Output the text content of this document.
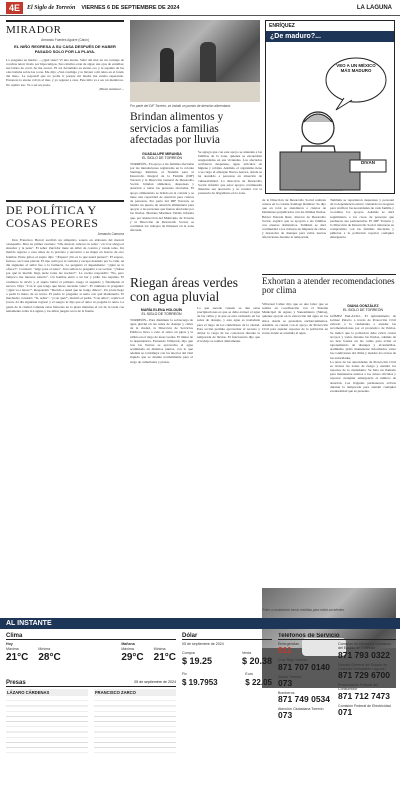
4E	El Siglo de Torreón VIERNES 6 DE SEPTIEMBRE DE 2024	LA LAGUNA
MIRADOR
Armando Fuentes Aguirre (Catón)
EL NIÑO REGRESA A SU CASA DESPUÉS DE HABER PASADO SOLO POR LA PLAYA.
Lo pregunta su madre: —¿Qué viste? Vi una sirena. Salió del mar en un carruaje de conchas nácar tirado por hipocampos. Sus cabellos eran de algas; sus ojos de estrellas; sus labios de coral. Se me acercó. El sol derramaba su eterno oro y la espuma de las olas bailaba sobre las rocas. Me dijo: «Ven conmigo y te llevaré a mi reino en el fondo del mar». Le respondí que no podía ir porque mi madre me estaba esperando. Entonces la sirena volvió al mar, y yo regresé a casa. Este niño va a ser un mentiroso. No repitió eso. Va a ser un poeta.
¡Hasta mañana!…
DE POLÍTICA Y COSAS PEORES
Armando Camorra
Don Francisco Burcal escribió un simpático soneto en alabanza del mezcal oaxaqueño. Dice su primer cuarteto: "Oh, mezcal, sabroso tu sabor / en ti se ahoga el sinsabor y la pena". El señor Zurcidor tiene un taller de costura y vende telas. Un marido regresó a casa antes de lo previsto y encontró a su mujer en brazos de otro hombre. Entre gritos el sujeto dijo: "¡Espere! ¡No es lo que usted piensa!". El esposo, furioso, sacó una pistola. El tipo saltó por la ventana y escapó desnudo por la calle. Al día siguiente el señor fue a la farmacia. Le preguntó el dependiente: "¿Qué se le ofrece?". Contestó: "Algo para el susto". Una señora le preguntó a su vecina: "¿Sabes por qué tu marido llega tarde todas las noches?". La vecina respondió: "No, pero tampoco me interesa saberlo". Un hombre entró a un bar y pidió tres tequilas. El cantinero le sirvió y el sujeto bebió el primero, luego el segundo y finalmente el tercero. Dijo: "Con lo que tengo que hacer, necesito valor". El cantinero le preguntó: "¿Qué va a hacer?". Respondió: "Decirle a usted que no traigo dinero". Un joven llegó a pedir la mano de su novia. El padre le preguntó si tenía con qué mantenerla. El muchacho contestó: "Sí, señor". "¿Con qué?", insistió el padre. "Con amor", replicó el joven. Al día siguiente regresó y el suegro le dijo que el amor no pagaba la renta. La gente de la ciudad comenta estas historias en la plaza mientras el sol de la tarde cae lentamente sobre la Laguna y los niños juegan cerca de la fuente.
Por parte del DIF Torreón, se instaló un puesto de atención alimentaria.
ENRÍQUEZ
¿De maduro?...
VEO A UN MÉXICO MÁS MADURO
DIVÁN
Brindan alimentos y servicios a familias afectadas por lluvia
GUADALUPE MIRANDA
EL SIGLO DE TORREÓN
TORREÓN.- En apoyo a las familias afectadas por las inundaciones registradas en la colonia Santiago Ramírez, el Sistema para el Desarrollo Integral de la Familia (DIF) Torreón y la Dirección General de Desarrollo Social, brindan alimentos, despensas y atención a todas las personas afectadas. El apoyo alimentario se brinda en la colonia y se tiene una capacidad de atención para cientos de personas. Por parte del DIF Torreón, se instaló un puesto de atención alimentaria para apoyar a las personas que fueron afectadas por las lluvias. Mariana Martínez Valdés informó que, por instrucción del Municipio de Torreón y la Dirección de Desarrollo Social, se continúan los trabajos de limpieza en la zona afectada.
Se agregó que con este apoyo se atienden a las familias de la zona, quienes se encuentran resguardadas en sus viviendas. Los afectados recibieron despensas, agua, artículos de higiene y cobijas. Además, el organismo tiene a su cargo el albergue Nueva Aurora, donde se ha atendido a personas en situación de vulnerabilidad. La dirección de Desarrollo Social informó que estos apoyos continuarán mientras sea necesario y se contará con la presencia de brigadistas en la zona.
de la Dirección de Desarrollo Social realizan censos en la colonia Santiago Ramírez. Se dijo que en total se atendieron a cientos de habitantes perjudicados con las últimas lluvias. Héctor Estrada Ruiz, director de Desarrollo Social, explicó que se apoyará a las familias con enseres domésticos. También se dará continuidad a los trabajos de limpieza de calles y desazolve de drenajes para evitar nuevas afectaciones durante la temporada.
También se repartieron despensas y personal de la dependencia estuvo visitando los hogares para verificar las necesidades de cada familia y coordinar los apoyos. Además se dará seguimiento a los casos de personas que perdieron sus pertenencias. El DIF Torreón y la Dirección de Desarrollo Social reiteraron su compromiso con las familias afectadas y pidieron a la población reportar cualquier emergencia.
Riegan áreas verdes con agua pluvial
MARÍA ELENA HOLGUÍN
EL SIGLO DE TORREÓN
TORREÓN.- Para disminuir la sobrecarga de agua pluvial en las redes de drenaje y calles de la ciudad, la Dirección de Servicios Públicos lleva a cabo el retiro en pipas y la utiliza en el riego de áreas verdes. El titular de la dependencia, Fernando Villarreal, dijo que tras las lluvias se aprovecha el agua acumulada en distintos puntos, con lo que además se contribuye con los ahorros del vital líquido que se destina normalmente para el riego de camellones y plazas.
Lo que sucede cuando se dan estas precipitaciones es que se debe extraer el agua de las calles y la que se está vertiendo en las redes de drenaje, y esta agua es trasladada para el riego de los camellones de la ciudad. Esta acción permite aprovechar el recurso y aliviar la carga de los colectores durante la temporada de lluvias. El funcionario dijo que el trabajo se realiza diariamente.
Villarreal Cañez dijo que es una labor que se realiza en coordinación con el Sistema Municipal de Aguas y Saneamiento (Simas), quienes apoyan en la extracción del agua en los sitios donde se presentan encharcamientos. Además, se cuenta con el apoyo de Protección Civil para atender reportes de la población en zonas donde se acumula el agua.
Exhortan a atender recomendaciones por clima
DIANA GONZÁLEZ
EL SIGLO DE TORREÓN
GÓMEZ PALACIO.- El Ayuntamiento de Gómez Palacio a través de Protección Civil exhortó a la ciudadanía a atender las recomendaciones por el pronóstico de lluvias. Se indicó que la población debe evitar cruzar arroyos y vados durante las lluvias, además de no tirar basura en las calles para evitar el taponamiento de drenajes y alcantarillas. Asimismo pidió mantenerse informados sobre las condiciones del clima y atender los avisos de las autoridades.
La tarea de las autoridades de Protección Civil es revisar las zonas de riesgo y atender los reportes de la ciudadanía. Se hizo un llamado para mantenerse atentos a los avisos oficiales y reportar cualquier emergencia al número de atención. Las brigadas permanecen activas durante la temporada para atender cualquier eventualidad que se presente.
Piden a ciudadanos tomar medidas para evitar accidentes.
AL INSTANTE
Clima
Hoy
Máxima
21°C
Mínima
28°C
Mañana
Máxima
29°C
Mínima
21°C
Presas	05 de septiembre de 2024
LÁZARO CÁRDENAS	FRANCISCO ZARCO
Dólar
05 de septiembre de 2024
Compra
$ 19.25
Venta
$ 20.38
Fix
$ 19.7953
Euro
$ 22.05
Teléfonos de Servicio
Emergencias
911
Cruz Roja Torreón
871 707 0140
Simas Torreón
073
Bomberos
871 749 0534
Atención Ciudadana Torreón
073
Comisión de Derechos Humanos del Estado de Coahuila
871 793 0322
Fiscalía General del Estado de Coahuila Delegación Laguna I
871 729 6700
Procuraduría Federal del Consumidor
871 712 7473
Comisión Federal de Electricidad
071
